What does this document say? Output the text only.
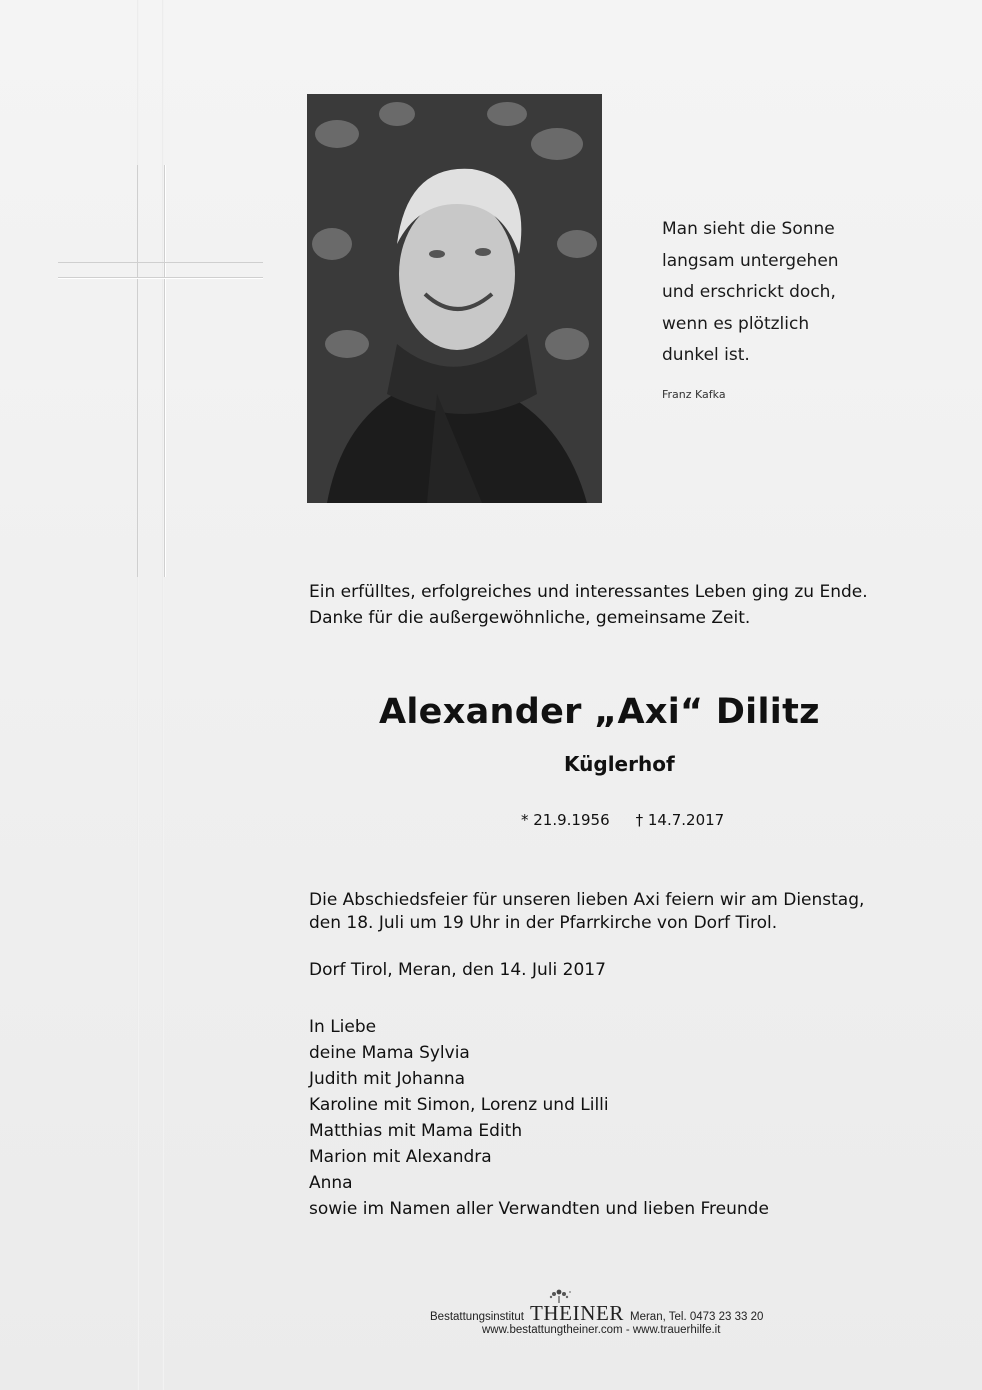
Man sieht die Sonne
langsam untergehen
und erschrickt doch,
wenn es plötzlich
dunkel ist.
Franz Kafka
Ein erfülltes, erfolgreiches und interessantes Leben ging zu Ende.
Danke für die außergewöhnliche, gemeinsame Zeit.
Alexander „Axi“ Dilitz
Küglerhof
* 21.9.1956 † 14.7.2017
Die Abschiedsfeier für unseren lieben Axi feiern wir am Dienstag,
den 18. Juli um 19 Uhr in der Pfarrkirche von Dorf Tirol.
Dorf Tirol, Meran, den 14. Juli 2017
In Liebe
deine Mama Sylvia
Judith mit Johanna
Karoline mit Simon, Lorenz und Lilli
Matthias mit Mama Edith
Marion mit Alexandra
Anna
sowie im Namen aller Verwandten und lieben Freunde
Bestattungsinstitut THEINER Meran, Tel. 0473 23 33 20
www.bestattungtheiner.com - www.trauerhilfe.it
